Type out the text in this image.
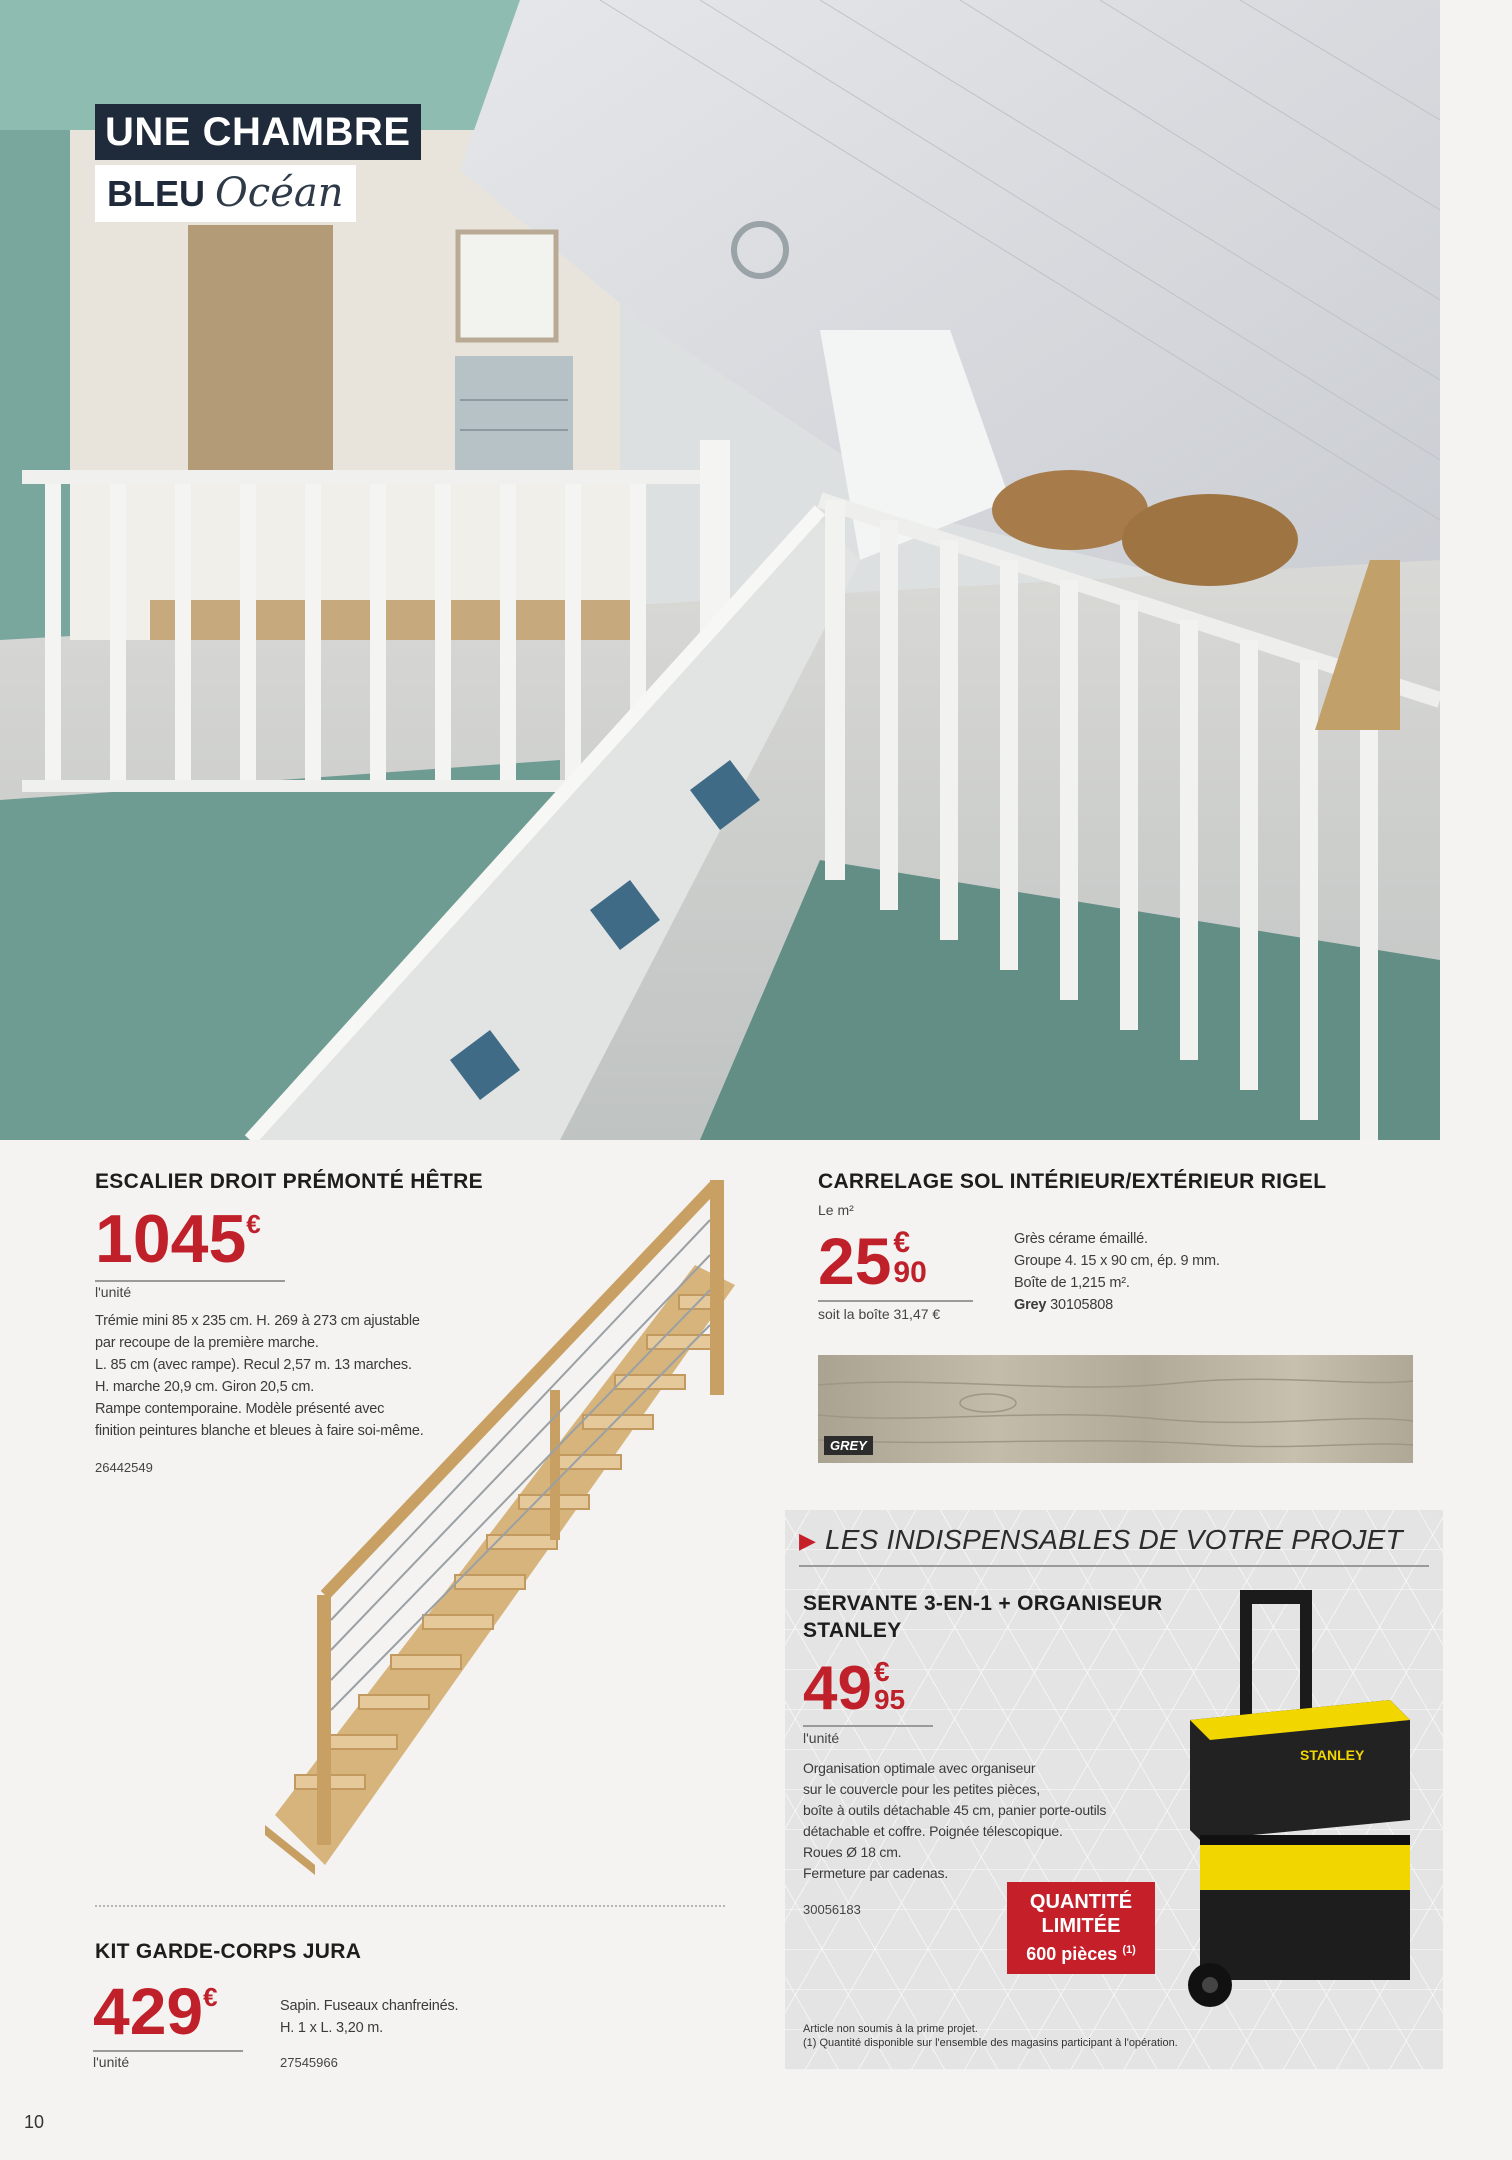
UNE CHAMBRE
BLEU Océan
ESCALIER DROIT PRÉMONTÉ HÊTRE
1045€
l'unité
Trémie mini 85 x 235 cm. H. 269 à 273 cm ajustable
par recoupe de la première marche.
L. 85 cm (avec rampe). Recul 2,57 m. 13 marches.
H. marche 20,9 cm. Giron 20,5 cm.
Rampe contemporaine. Modèle présenté avec
finition peintures blanche et bleues à faire soi-même.
26442549
KIT GARDE-CORPS JURA
429€
l'unité
Sapin. Fuseaux chanfreinés.
H. 1 x L. 3,20 m.
27545966
CARRELAGE SOL INTÉRIEUR/EXTÉRIEUR RIGEL
Le m²
25 €
90
soit la boîte 31,47 €
Grès cérame émaillé.
Groupe 4. 15 x 90 cm, ép. 9 mm.
Boîte de 1,215 m².
Grey 30105808
GREY
▶ LES INDISPENSABLES DE VOTRE PROJET
SERVANTE 3-EN-1 + ORGANISEUR
STANLEY
49 €
95
l'unité
Organisation optimale avec organiseur
sur le couvercle pour les petites pièces,
boîte à outils détachable 45 cm, panier porte-outils
détachable et coffre. Poignée télescopique.
Roues Ø 18 cm.
Fermeture par cadenas.
30056183	QUANTITÉ
LIMITÉE
600 pièces $^{(1)}$
STANLEY
Article non soumis à la prime projet.
(1) Quantité disponible sur l'ensemble des magasins participant à l'opération.
10
